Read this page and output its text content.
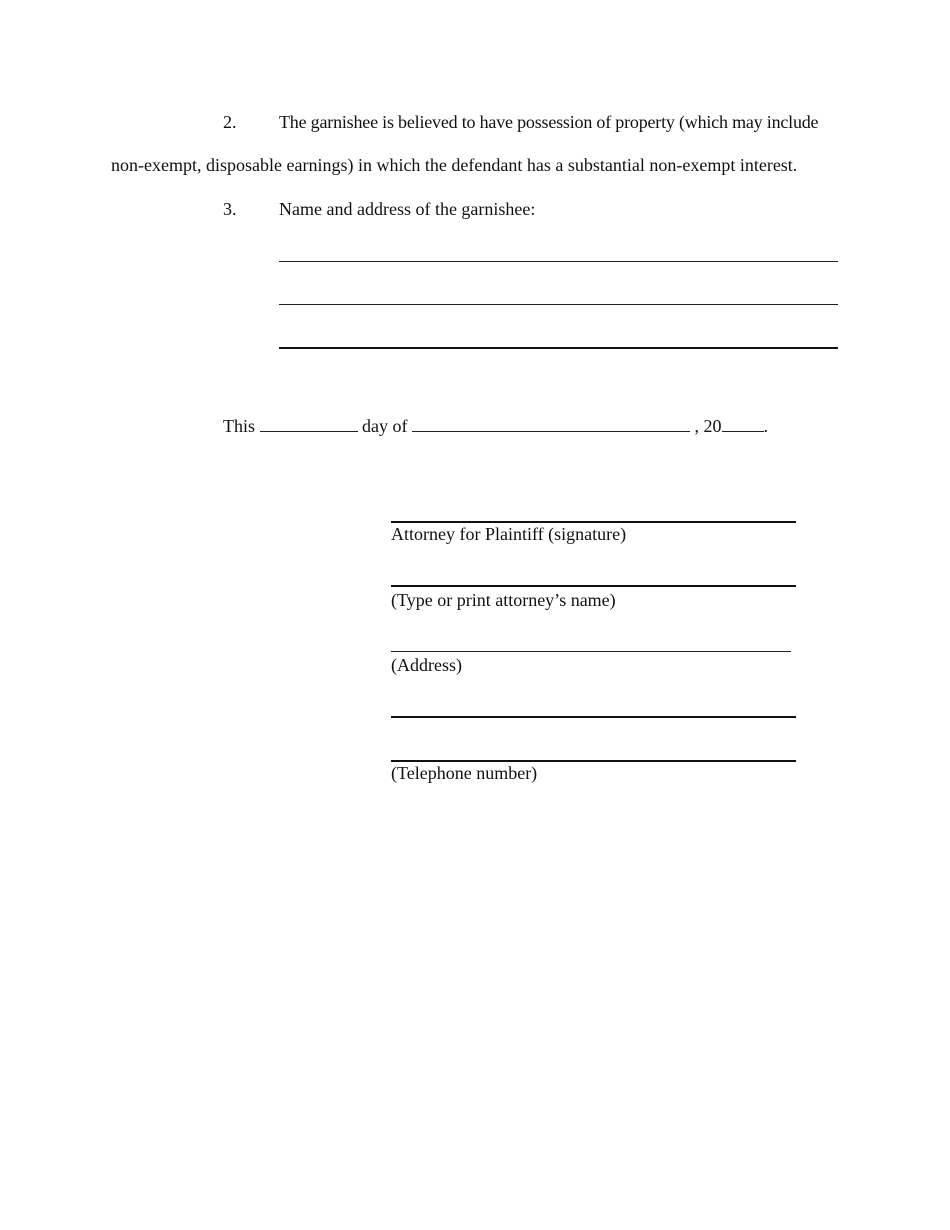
2. The garnishee is believed to have possession of property (which may include
non-exempt, disposable earnings) in which the defendant has a substantial non-exempt interest.
3. Name and address of the garnishee:
This	day of	, 20 .
Attorney for Plaintiff (signature)
(Type or print attorney’s name)
(Address)
(Telephone number)
